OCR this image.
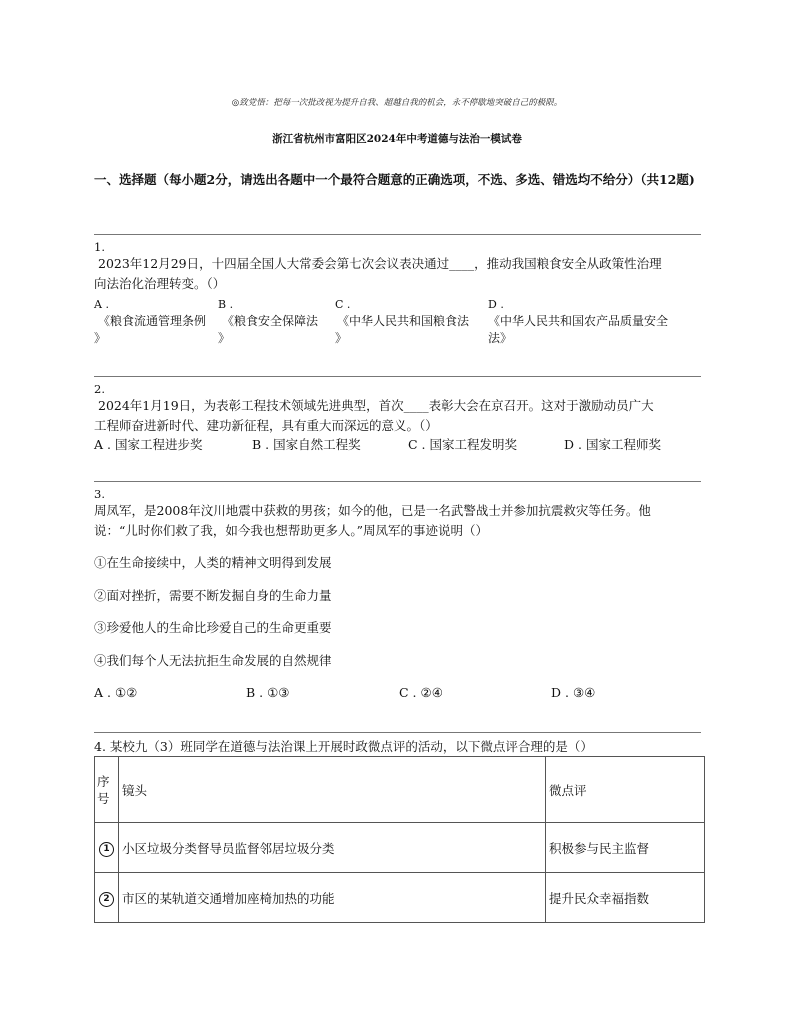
◎致党悟：把每一次批改视为提升自我、超越自我的机会，永不停歇地突破自己的极限。
浙江省杭州市富阳区2024年中考道德与法治一模试卷
一、选择题（每小题2分，请选出各题中一个最符合题意的正确选项，不选、多选、错选均不给分）（共12题)
1.
2023年12月29日，十四届全国人大常委会第七次会议表决通过____，推动我国粮食安全从政策性治理
向法治化治理转变。（）
A .
《粮食流通管理条例
》
B .
《粮食安全保障法
》
C .
《中华人民共和国粮食法
》
D .
《中华人民共和国农产品质量安全
法》
2.
2024年1月19日，为表彰工程技术领域先进典型，首次____表彰大会在京召开。这对于激励动员广大
工程师奋进新时代、建功新征程，具有重大而深远的意义。（）
A . 国家工程进步奖	B . 国家自然工程奖	C . 国家工程发明奖	D . 国家工程师奖
3.
周凤军，是2008年汶川地震中获救的男孩；如今的他，已是一名武警战士并参加抗震救灾等任务。他
说：“儿时你们救了我，如今我也想帮助更多人。”周凤军的事迹说明（）
①在生命接续中，人类的精神文明得到发展
②面对挫折，需要不断发掘自身的生命力量
③珍爱他人的生命比珍爱自己的生命更重要
④我们每个人无法抗拒生命发展的自然规律
A . ①②	B . ①③	C . ②④	D . ③④
4. 某校九（3）班同学在道德与法治课上开展时政微点评的活动，以下微点评合理的是（）
序号	镜头	微点评
1	小区垃圾分类督导员监督邻居垃圾分类	积极参与民主监督
2	市区的某轨道交通增加座椅加热的功能	提升民众幸福指数
